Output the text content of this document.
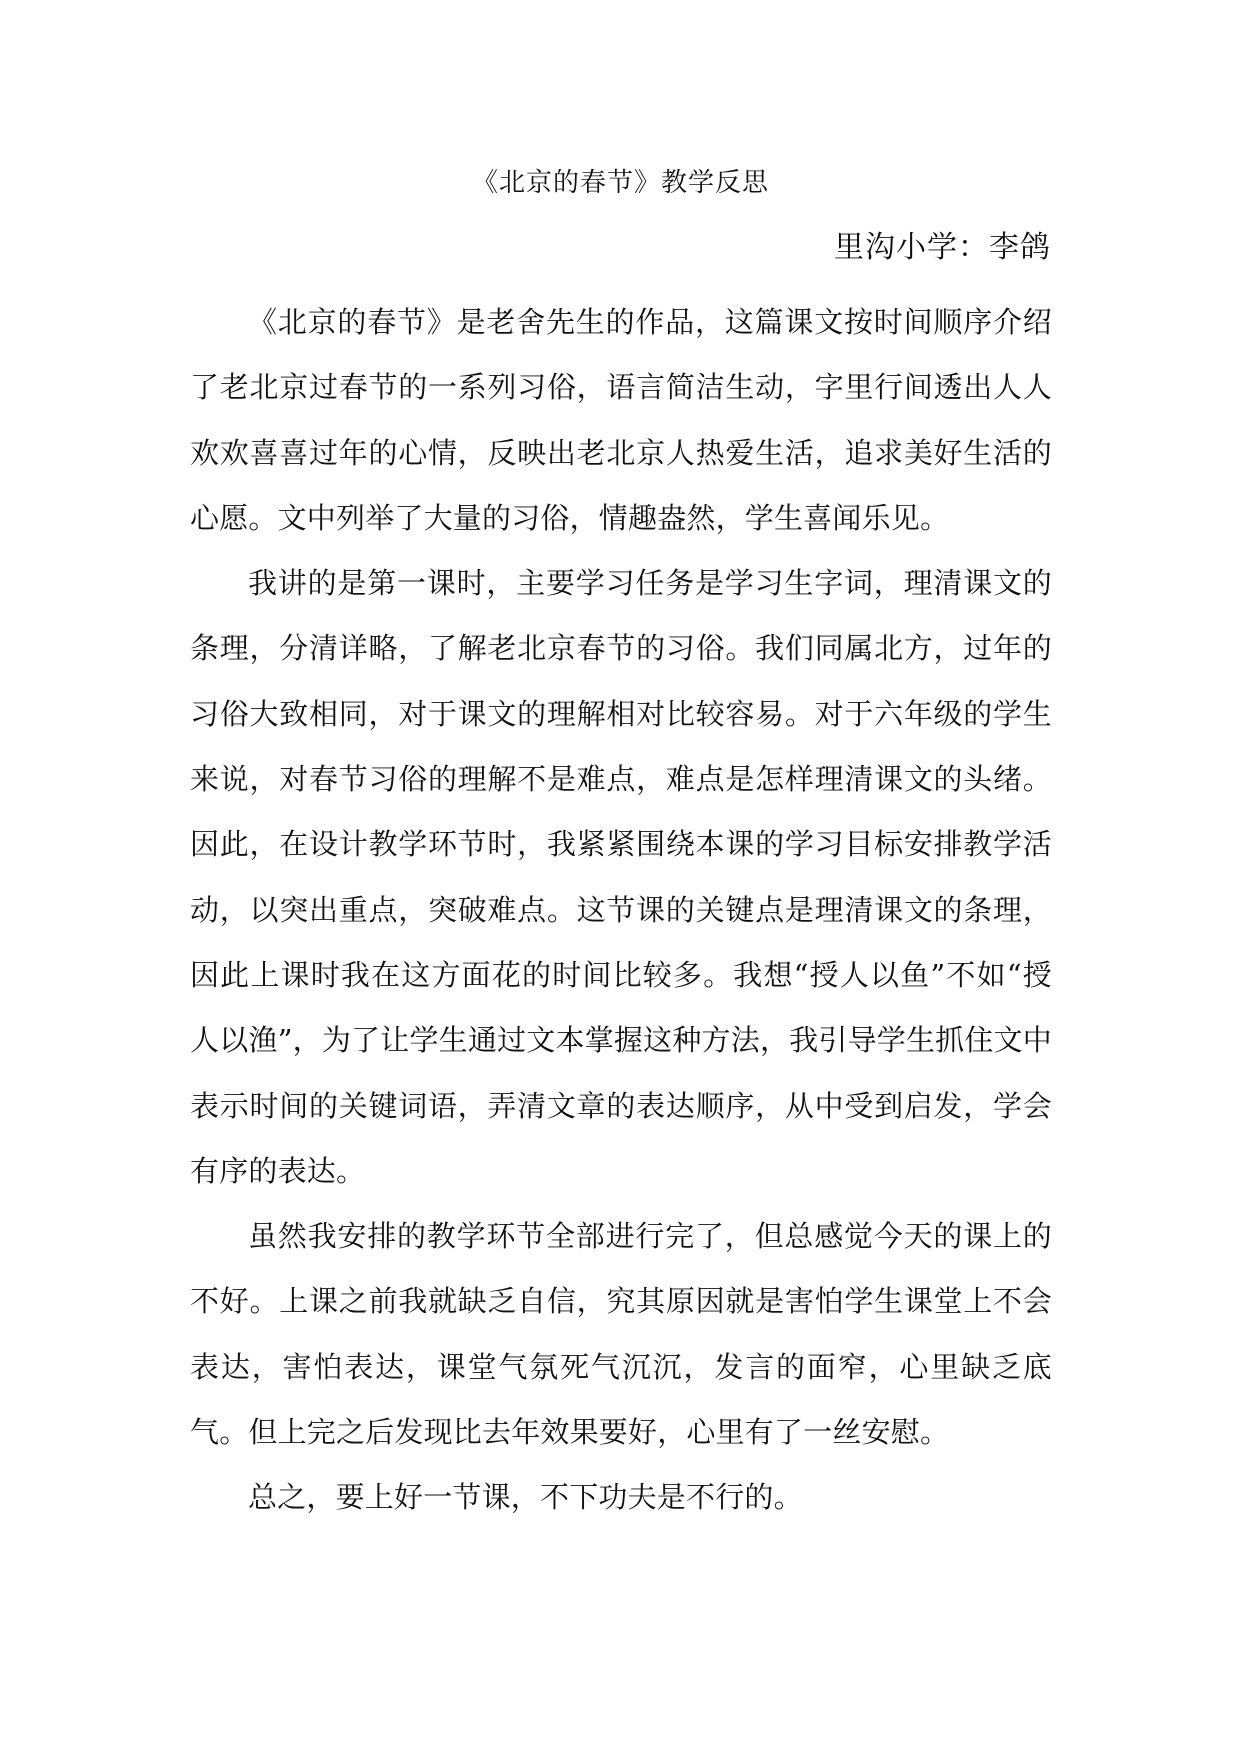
《北京的春节》教学反思
里沟小学：李鸽

《北京的春节》是老舍先生的作品，这篇课文按时间顺序介绍了老北京过春节的一系列习俗，语言简洁生动，字里行间透出人人欢欢喜喜过年的心情，反映出老北京人热爱生活，追求美好生活的心愿。文中列举了大量的习俗，情趣盎然，学生喜闻乐见。

我讲的是第一课时，主要学习任务是学习生字词，理清课文的条理，分清详略，了解老北京春节的习俗。我们同属北方，过年的习俗大致相同，对于课文的理解相对比较容易。对于六年级的学生来说，对春节习俗的理解不是难点，难点是怎样理清课文的头绪。因此，在设计教学环节时，我紧紧围绕本课的学习目标安排教学活动，以突出重点，突破难点。这节课的关键点是理清课文的条理，因此上课时我在这方面花的时间比较多。我想“授人以鱼”不如“授人以渔”，为了让学生通过文本掌握这种方法，我引导学生抓住文中表示时间的关键词语，弄清文章的表达顺序，从中受到启发，学会有序的表达。

虽然我安排的教学环节全部进行完了，但总感觉今天的课上的不好。上课之前我就缺乏自信，究其原因就是害怕学生课堂上不会表达，害怕表达，课堂气氛死气沉沉，发言的面窄，心里缺乏底气。但上完之后发现比去年效果要好，心里有了一丝安慰。

总之，要上好一节课，不下功夫是不行的。
